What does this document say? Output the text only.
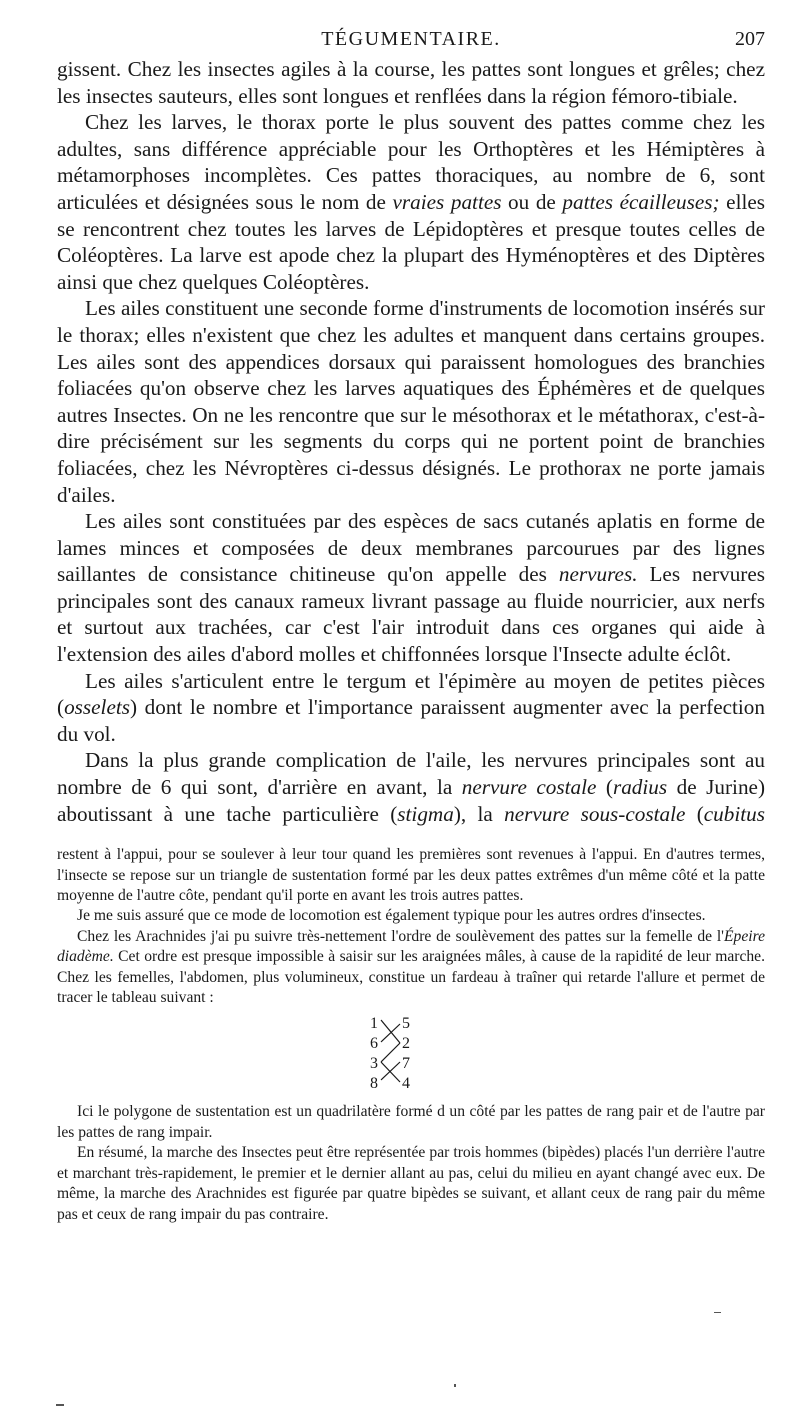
TÉGUMENTAIRE.	207

gissent. Chez les insectes agiles à la course, les pattes sont longues et grêles; chez les insectes sauteurs, elles sont longues et renflées dans la région fémoro-tibiale.

Chez les larves, le thorax porte le plus souvent des pattes comme chez les adultes, sans différence appréciable pour les Orthoptères et les Hémiptères à métamorphoses incomplètes. Ces pattes thoraciques, au nombre de 6, sont articulées et désignées sous le nom de vraies pattes ou de pattes écailleuses; elles se rencontrent chez toutes les larves de Lépidoptères et presque toutes celles de Coléoptères. La larve est apode chez la plupart des Hyménoptères et des Diptères ainsi que chez quelques Coléoptères.

Les ailes constituent une seconde forme d'instruments de locomotion insérés sur le thorax; elles n'existent que chez les adultes et manquent dans certains groupes. Les ailes sont des appendices dorsaux qui paraissent homologues des branchies foliacées qu'on observe chez les larves aquatiques des Éphémères et de quelques autres Insectes. On ne les rencontre que sur le mésothorax et le métathorax, c'est-à-dire précisément sur les segments du corps qui ne portent point de branchies foliacées, chez les Névroptères ci-dessus désignés. Le prothorax ne porte jamais d'ailes.

Les ailes sont constituées par des espèces de sacs cutanés aplatis en forme de lames minces et composées de deux membranes parcourues par des lignes saillantes de consistance chitineuse qu'on appelle des nervures. Les nervures principales sont des canaux rameux livrant passage au fluide nourricier, aux nerfs et surtout aux trachées, car c'est l'air introduit dans ces organes qui aide à l'extension des ailes d'abord molles et chiffonnées lorsque l'Insecte adulte éclôt.

Les ailes s'articulent entre le tergum et l'épimère au moyen de petites pièces (osselets) dont le nombre et l'importance paraissent augmenter avec la perfection du vol.

Dans la plus grande complication de l'aile, les nervures principales sont au nombre de 6 qui sont, d'arrière en avant, la nervure costale (radius de Jurine) aboutissant à une tache particulière (stigma), la nervure sous-costale (cubitus

restent à l'appui, pour se soulever à leur tour quand les premières sont revenues à l'appui. En d'autres termes, l'insecte se repose sur un triangle de sustentation formé par les deux pattes extrêmes d'un même côté et la patte moyenne de l'autre côte, pendant qu'il porte en avant les trois autres pattes.

Je me suis assuré que ce mode de locomotion est également typique pour les autres ordres d'insectes.

Chez les Arachnides j'ai pu suivre très-nettement l'ordre de soulèvement des pattes sur la femelle de l'Épeire diadème. Cet ordre est presque impossible à saisir sur les araignées mâles, à cause de la rapidité de leur marche. Chez les femelles, l'abdomen, plus volumineux, constitue un fardeau à traîner qui retarde l'allure et permet de tracer le tableau suivant :

1
6
3
8
5
2
7
4

Ici le polygone de sustentation est un quadrilatère formé d un côté par les pattes de rang pair et de l'autre par les pattes de rang impair.

En résumé, la marche des Insectes peut être représentée par trois hommes (bipèdes) placés l'un derrière l'autre et marchant très-rapidement, le premier et le dernier allant au pas, celui du milieu en ayant changé avec eux. De même, la marche des Arachnides est figurée par quatre bipèdes se suivant, et allant ceux de rang pair du même pas et ceux de rang impair du pas contraire.
